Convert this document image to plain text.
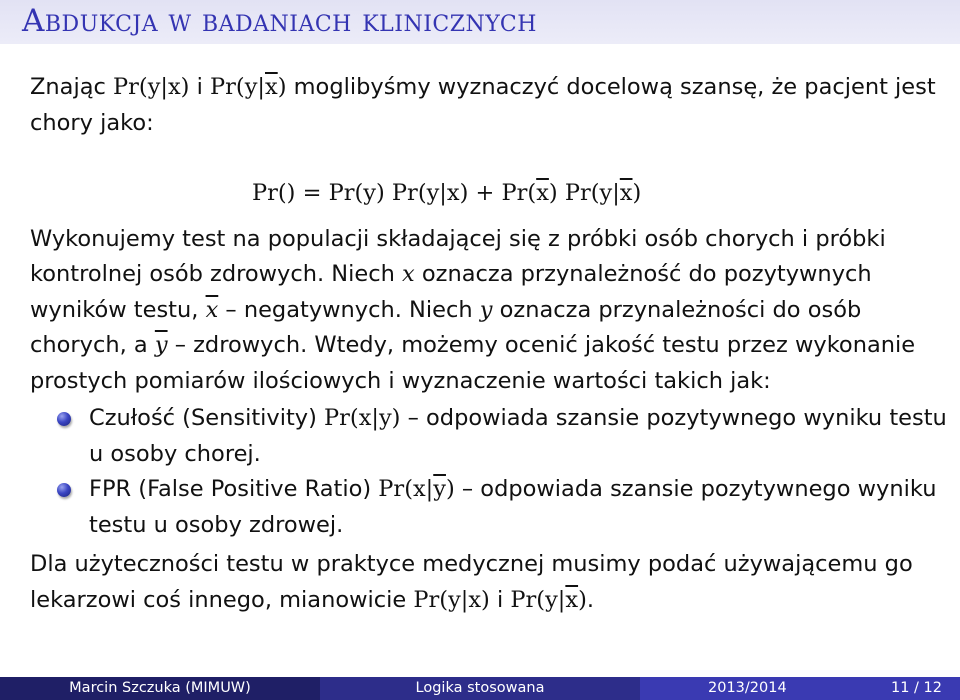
Abdukcja w badaniach klinicznych

Znając Pr(y|x) i $Pr(y|\overline{x})$ moglibyśmy wyznaczyć docelową szansę, że pacjent jest chory jako:

Pr() = Pr(y) $Pr(y|x) + Pr(\overline{x})$ $Pr(y|\overline{x})$

Wykonujemy test na populacji składającej się z próbki osób chorych i próbki kontrolnej osób zdrowych. Niech x oznacza przynależność do pozytywnych wyników testu, $\overline{x}$ – negatywnych. Niech y oznacza przynależności do osób chorych, a $\overline{y}$ – zdrowych. Wtedy, możemy ocenić jakość testu przez wykonanie prostych pomiarów ilościowych i wyznaczenie wartości takich jak:

Czułość (Sensitivity) Pr(x|y) – odpowiada szansie pozytywnego wyniku testu u osoby chorej.
FPR (False Positive Ratio) $Pr(x|\overline{y})$ – odpowiada szansie pozytywnego wyniku testu u osoby zdrowej.

Dla użyteczności testu w praktyce medycznej musimy podać używającemu go lekarzowi coś innego, mianowicie Pr(y|x) i $Pr(y|\overline{x})$.

Marcin Szczuka (MIMUW)	Logika stosowana	2013/2014	11 / 12
